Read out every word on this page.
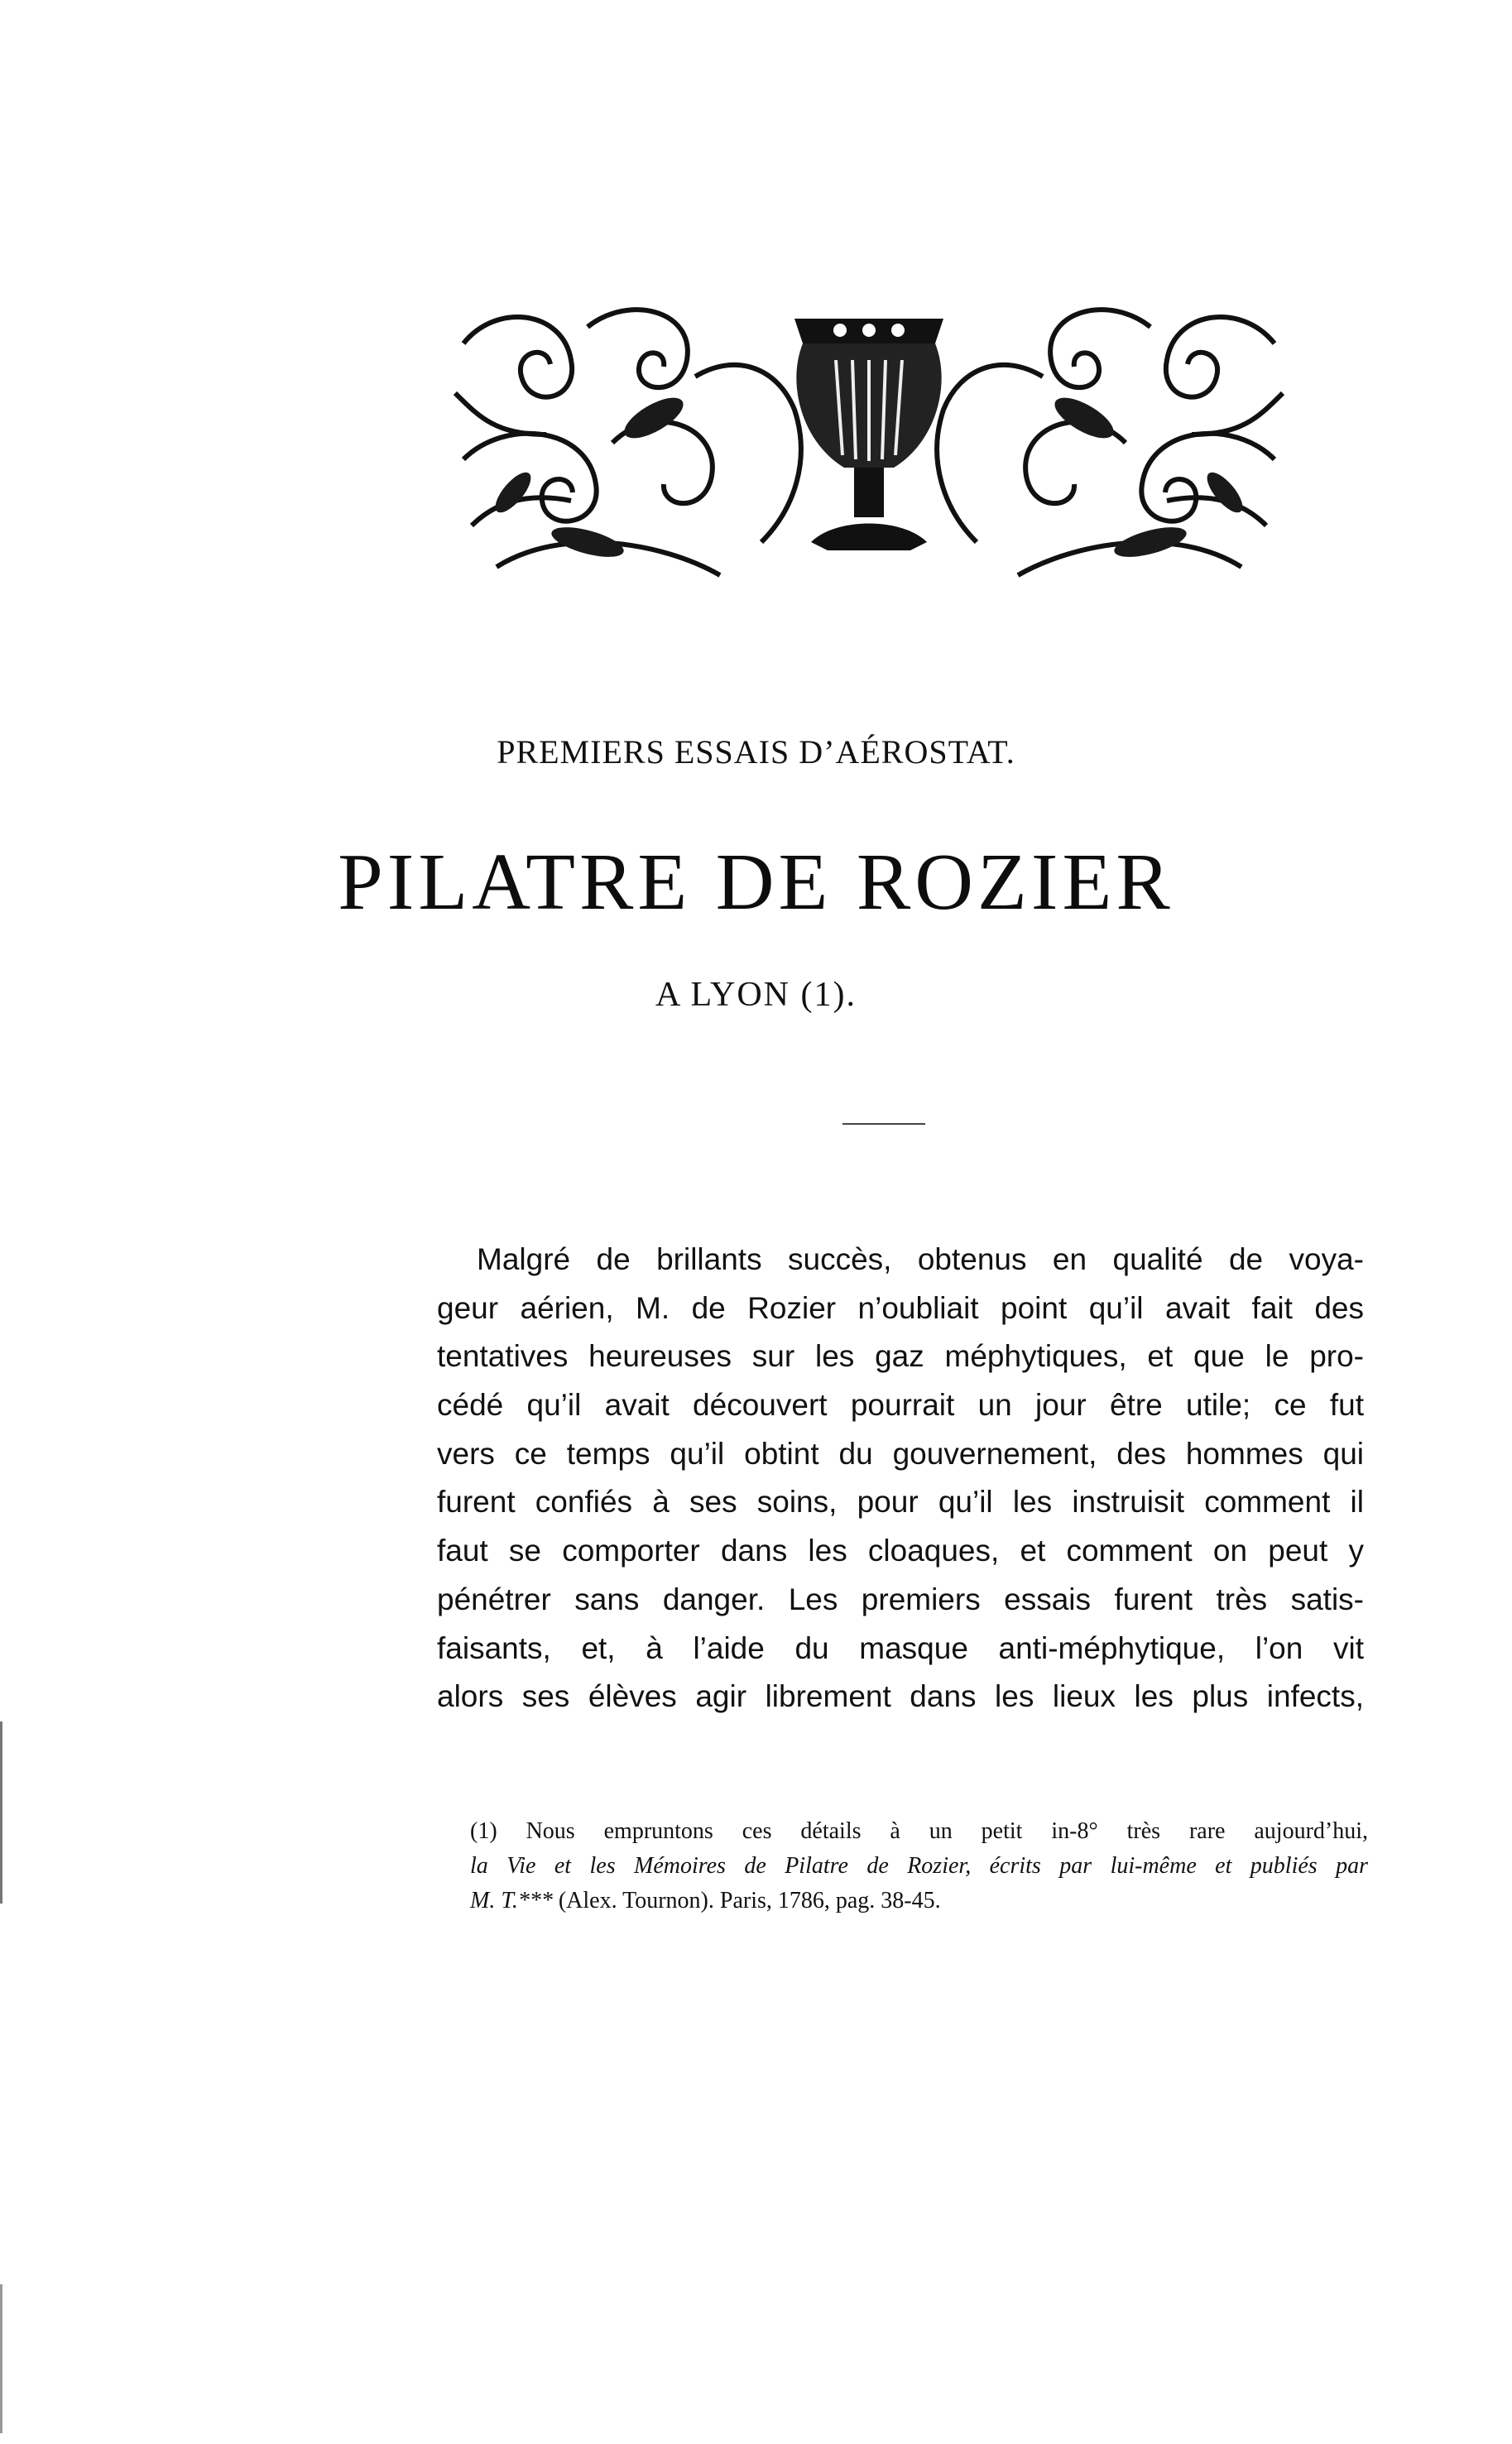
PREMIERS ESSAIS D’AÉROSTAT.
PILATRE DE ROZIER
A LYON (1).
Malgré de brillants succès, obtenus en qualité de voya-
geur aérien, M. de Rozier n’oubliait point qu’il avait fait des
tentatives heureuses sur les gaz méphytiques, et que le pro-
cédé qu’il avait découvert pourrait un jour être utile; ce fut
vers ce temps qu’il obtint du gouvernement, des hommes qui
furent confiés à ses soins, pour qu’il les instruisit comment il
faut se comporter dans les cloaques, et comment on peut y
pénétrer sans danger. Les premiers essais furent très satis-
faisants, et, à l’aide du masque anti-méphytique, l’on vit
alors ses élèves agir librement dans les lieux les plus infects,
(1) Nous empruntons ces détails à un petit in-8° très rare aujourd’hui,
la Vie et les Mémoires de Pilatre de Rozier, écrits par lui-même et publiés par
M. T.*** (Alex. Tournon). Paris, 1786, pag. 38-45.
